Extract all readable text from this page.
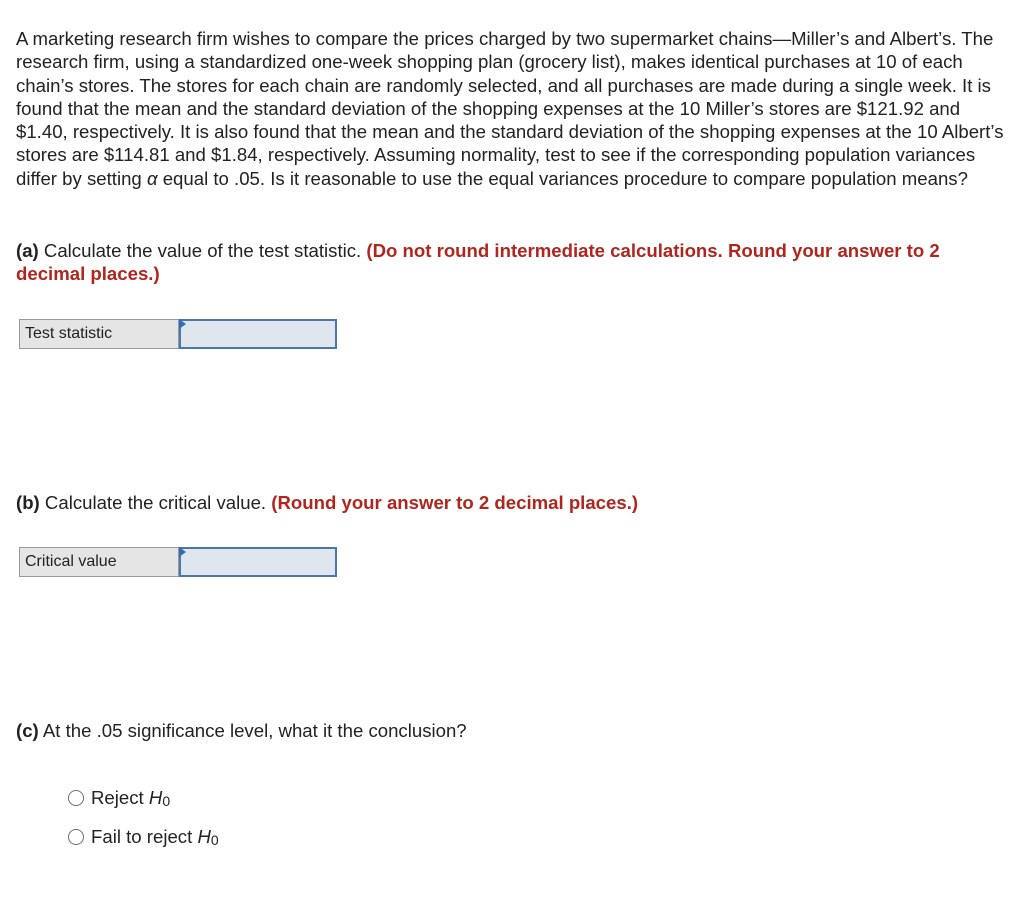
A marketing research firm wishes to compare the prices charged by two supermarket chains—Miller’s and Albert’s. The research firm, using a standardized one-week shopping plan (grocery list), makes identical purchases at 10 of each chain’s stores. The stores for each chain are randomly selected, and all purchases are made during a single week. It is found that the mean and the standard deviation of the shopping expenses at the 10 Miller’s stores are $121.92 and $1.40, respectively. It is also found that the mean and the standard deviation of the shopping expenses at the 10 Albert’s stores are $114.81 and $1.84, respectively. Assuming normality, test to see if the corresponding population variances differ by setting α equal to .05. Is it reasonable to use the equal variances procedure to compare population means?

(a) Calculate the value of the test statistic. (Do not round intermediate calculations. Round your answer to 2 decimal places.)

Test statistic

(b) Calculate the critical value. (Round your answer to 2 decimal places.)

Critical value

(c) At the .05 significance level, what it the conclusion?

Reject
$H_0$
Fail to reject
$H_0$
